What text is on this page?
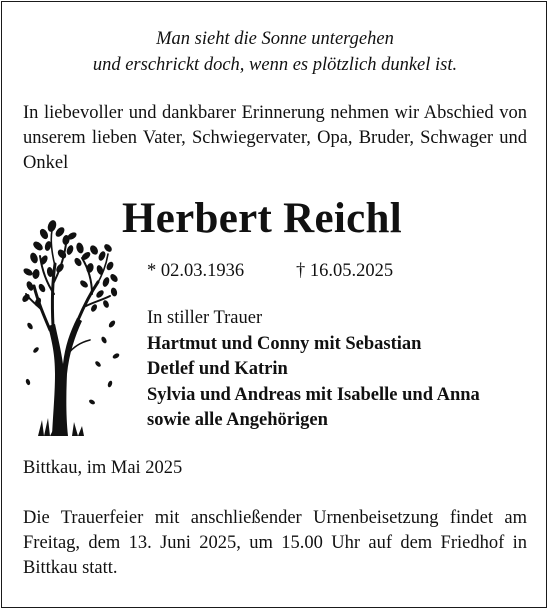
Man sieht die Sonne untergehen
und erschrickt doch, wenn es plötzlich dunkel ist.
In liebevoller und dankbarer Erinnerung nehmen wir Abschied von unserem lieben Vater, Schwiegervater, Opa, Bruder, Schwager und Onkel
Herbert Reichl
* 02.03.1936	† 16.05.2025
In stiller Trauer
Hartmut und Conny mit Sebastian
Detlef und Katrin
Sylvia und Andreas mit Isabelle und Anna
sowie alle Angehörigen
Bittkau, im Mai 2025
Die Trauerfeier mit anschließender Urnenbeisetzung findet am Freitag, dem 13. Juni 2025, um 15.00 Uhr auf dem Friedhof in Bittkau statt.
